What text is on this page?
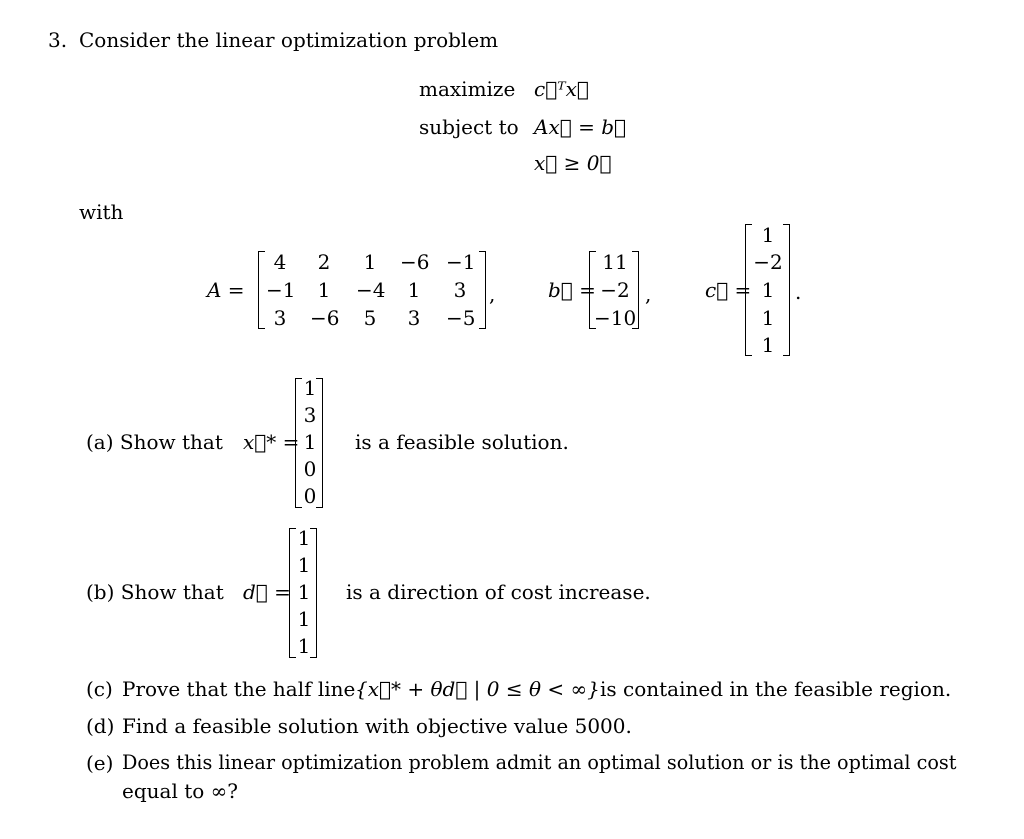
3. Consider the linear optimization problem
maximize c⃗ᵀx⃗
subject to Ax⃗ = b⃗
x⃗ ≥ 0⃗
with
A =
4	2	1	−6 −1
−1	1	−4	1	3
3	−6	5	3	−5
,	b⃗ =
11
−2
−10
,	c⃗ =
1
−2
1
1
1
.
(a) Show that x⃗* =
1
3
1
0
0
is a feasible solution.
(b) Show that d⃗ =
1
1
1
1
1
is a direction of cost increase.
(c) Prove that the half line {x⃗* + θd⃗ | 0 ≤ θ < ∞} is contained in the feasible region.
(d) Find a feasible solution with objective value 5000.
(e) Does this linear optimization problem admit an optimal solution or is the optimal cost
equal to ∞?
